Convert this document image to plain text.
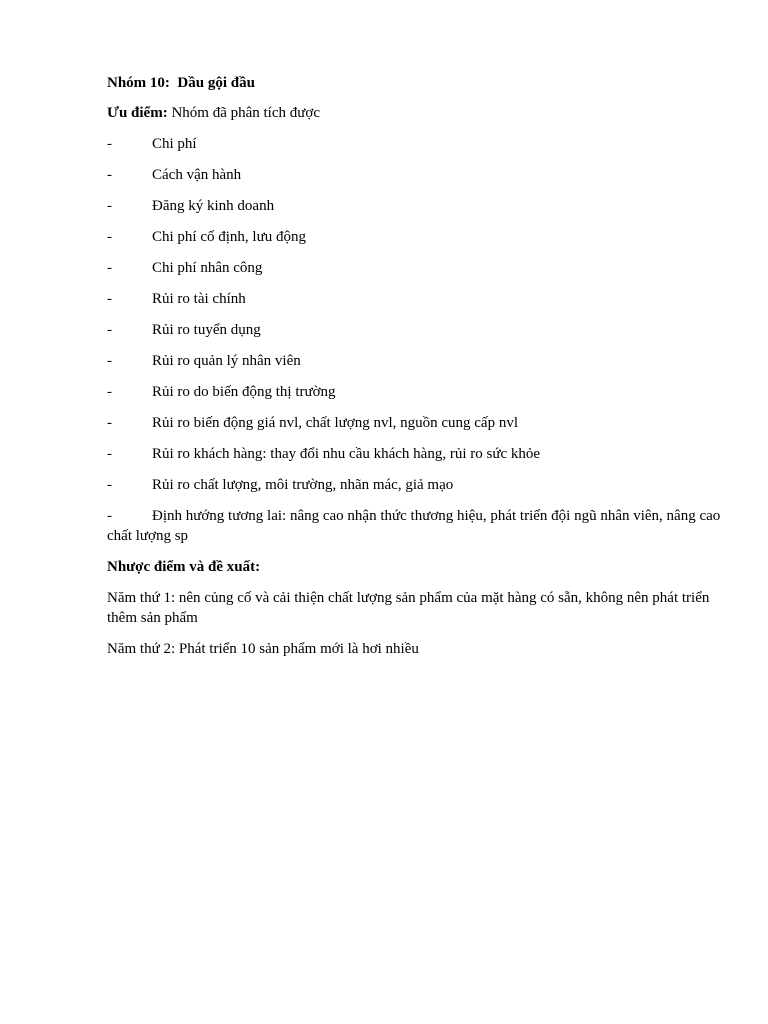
Nhóm 10:  Dầu gội đầu
Ưu điểm: Nhóm đã phân tích được
-	Chi phí
-	Cách vận hành
-	Đăng ký kinh doanh
-	Chi phí cố định, lưu động
-	Chi phí nhân công
-	Rủi ro tài chính
-	Rủi ro tuyển dụng
-	Rủi ro quản lý nhân viên
-	Rủi ro do biến động thị trường
-	Rủi ro biến động giá nvl, chất lượng nvl, nguồn cung cấp nvl
-	Rủi ro khách hàng: thay đổi nhu cầu khách hàng, rủi ro sức khỏe
-	Rủi ro chất lượng, môi trường, nhãn mác, giả mạo
-	Định hướng tương lai: nâng cao nhận thức thương hiệu, phát triển đội ngũ nhân viên, nâng cao chất lượng sp
Nhược điểm và đề xuất:

Năm thứ 1: nên củng cố và cải thiện chất lượng sản phẩm của mặt hàng có sẵn, không nên phát triển thêm sản phẩm

Năm thứ 2: Phát triển 10 sản phẩm mới là hơi nhiều
